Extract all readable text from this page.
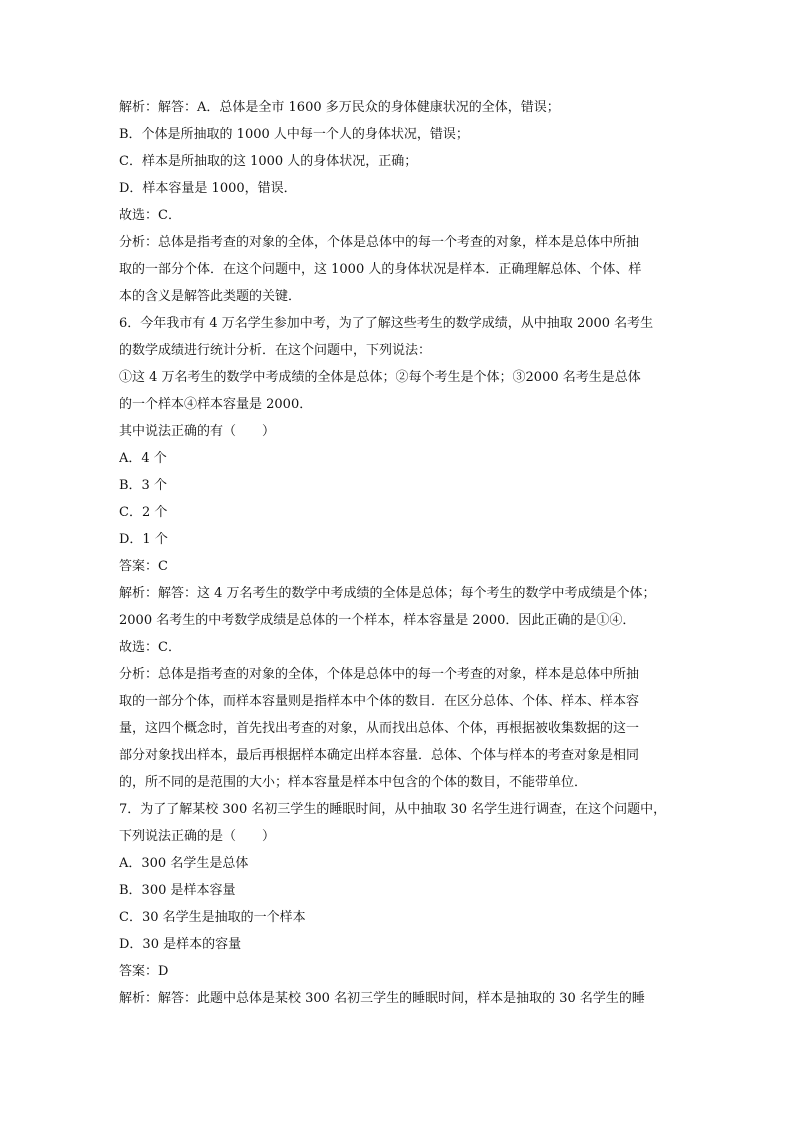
解析：解答：A．总体是全市 1600 多万民众的身体健康状况的全体，错误；
B．个体是所抽取的 1000 人中每一个人的身体状况，错误；
C．样本是所抽取的这 1000 人的身体状况，正确；
D．样本容量是 1000，错误．
故选：C．
分析：总体是指考查的对象的全体，个体是总体中的每一个考查的对象，样本是总体中所抽
取的一部分个体．在这个问题中，这 1000 人的身体状况是样本．正确理解总体、个体、样
本的含义是解答此类题的关键．
6．今年我市有 4 万名学生参加中考，为了了解这些考生的数学成绩，从中抽取 2000 名考生
的数学成绩进行统计分析．在这个问题中，下列说法：
①这 4 万名考生的数学中考成绩的全体是总体；②每个考生是个体；③2000 名考生是总体
的一个样本④样本容量是 2000．
其中说法正确的有（　　）
A．4 个
B．3 个
C．2 个
D．1 个
答案：C
解析：解答：这 4 万名考生的数学中考成绩的全体是总体；每个考生的数学中考成绩是个体；
2000 名考生的中考数学成绩是总体的一个样本，样本容量是 2000．因此正确的是①④．
故选：C．
分析：总体是指考查的对象的全体，个体是总体中的每一个考查的对象，样本是总体中所抽
取的一部分个体，而样本容量则是指样本中个体的数目．在区分总体、个体、样本、样本容
量，这四个概念时，首先找出考查的对象，从而找出总体、个体，再根据被收集数据的这一
部分对象找出样本，最后再根据样本确定出样本容量．总体、个体与样本的考查对象是相同
的，所不同的是范围的大小；样本容量是样本中包含的个体的数目，不能带单位．
7．为了了解某校 300 名初三学生的睡眠时间，从中抽取 30 名学生进行调查，在这个问题中，
下列说法正确的是（　　）
A．300 名学生是总体
B．300 是样本容量
C．30 名学生是抽取的一个样本
D．30 是样本的容量
答案：D
解析：解答：此题中总体是某校 300 名初三学生的睡眠时间，样本是抽取的 30 名学生的睡
